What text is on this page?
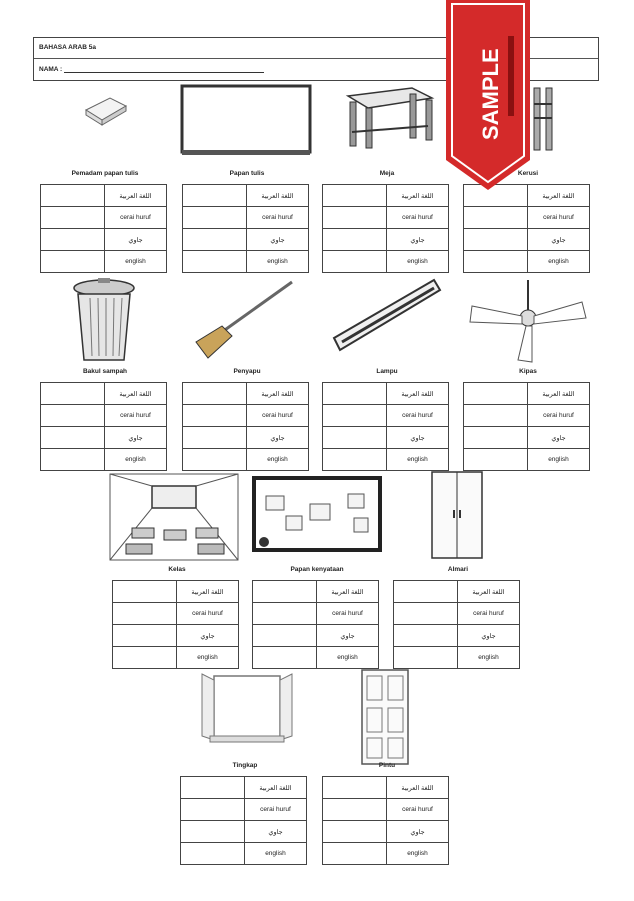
BAHASA ARAB 5a
NAMA :
Pemadam papan tulis	Papan tulis	Meja	Kerusi
	اللغة العربية
	cerai huruf
	جاوي
	english
	اللغة العربية
	cerai huruf
	جاوي
	english
	اللغة العربية
	cerai huruf
	جاوي
	english
	اللغة العربية
	cerai huruf
	جاوي
	english
Bakul sampah	Penyapu	Lampu	Kipas
	اللغة العربية
	cerai huruf
	جاوي
	english
	اللغة العربية
	cerai huruf
	جاوي
	english
	اللغة العربية
	cerai huruf
	جاوي
	english
	اللغة العربية
	cerai huruf
	جاوي
	english
Kelas	Papan kenyataan	Almari
	اللغة العربية
	cerai huruf
	جاوي
	english
	اللغة العربية
	cerai huruf
	جاوي
	english
	اللغة العربية
	cerai huruf
	جاوي
	english
Tingkap	Pintu
	اللغة العربية
	cerai huruf
	جاوي
	english
	اللغة العربية
	cerai huruf
	جاوي
	english
SAMPLE
